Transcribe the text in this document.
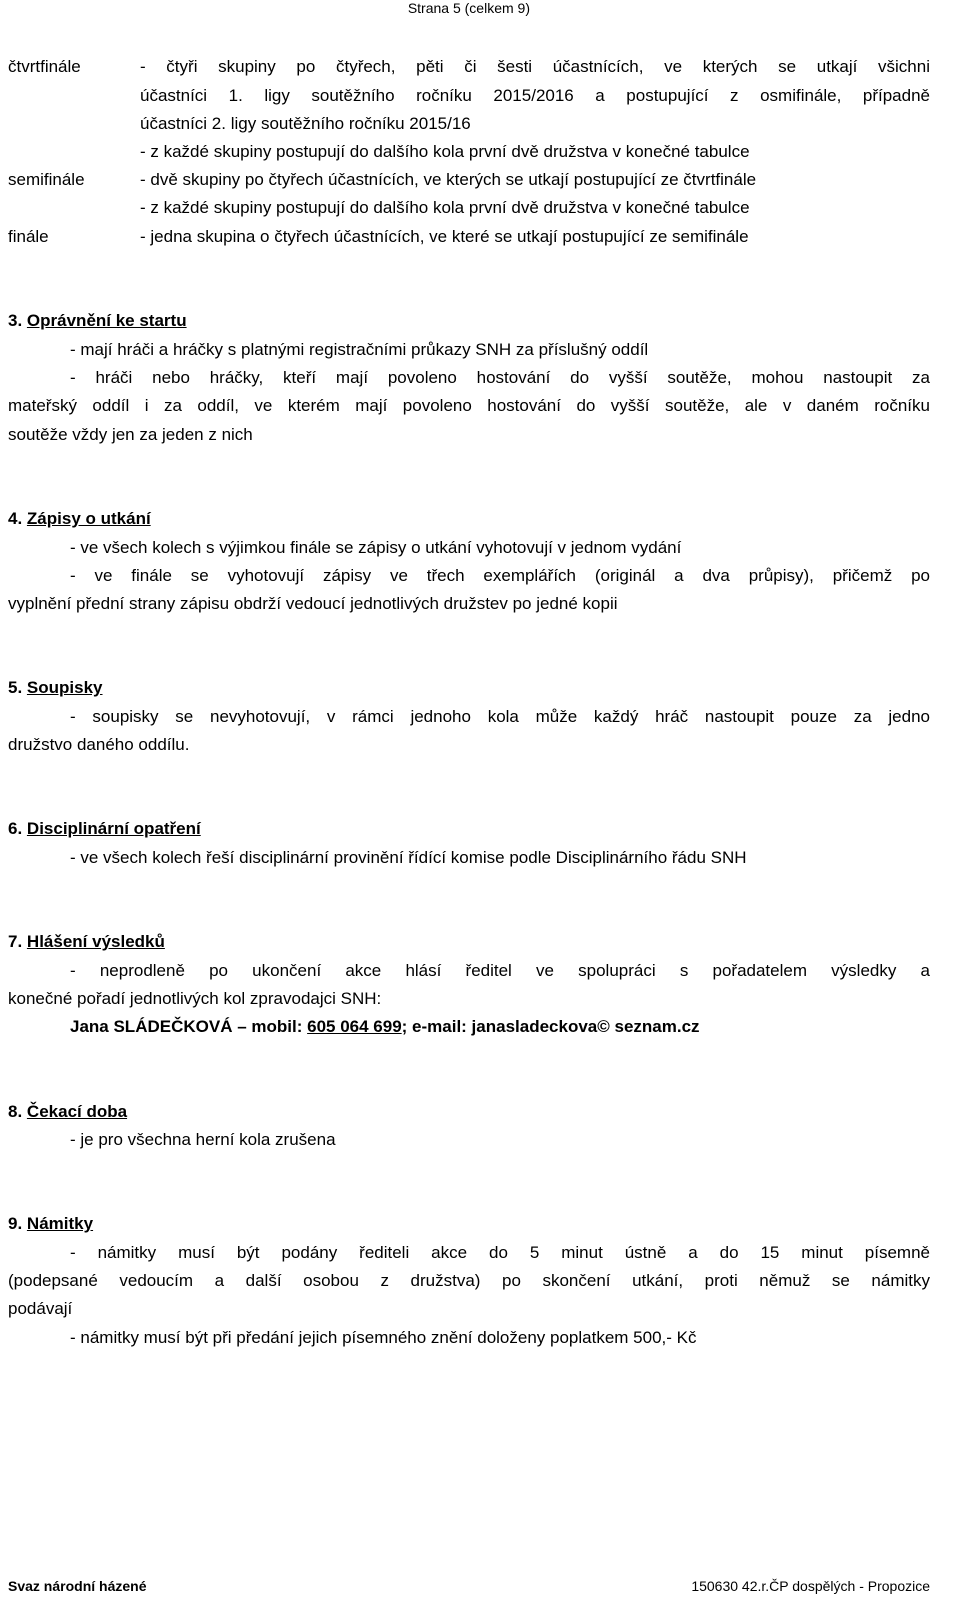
Strana 5 (celkem 9)
čtvrtfinále	- čtyři skupiny po čtyřech, pěti či šesti účastnících, ve kterých se utkají všichni
účastníci 1. ligy soutěžního ročníku 2015/2016 a postupující z osmifinále, případně
účastníci 2. ligy soutěžního ročníku 2015/16
- z každé skupiny postupují do dalšího kola první dvě družstva v konečné tabulce
semifinále	- dvě skupiny po čtyřech účastnících, ve kterých se utkají postupující ze čtvrtfinále
- z každé skupiny postupují do dalšího kola první dvě družstva v konečné tabulce
finále	- jedna skupina o čtyřech účastnících, ve které se utkají postupující ze semifinále
3. Oprávnění ke startu
- mají hráči a hráčky s platnými registračními průkazy SNH za příslušný oddíl
- hráči nebo hráčky, kteří mají povoleno hostování do vyšší soutěže, mohou nastoupit za
mateřský oddíl i za oddíl, ve kterém mají povoleno hostování do vyšší soutěže, ale v daném ročníku
soutěže vždy jen za jeden z nich
4. Zápisy o utkání
- ve všech kolech s výjimkou finále se zápisy o utkání vyhotovují v jednom vydání
- ve finále se vyhotovují zápisy ve třech exemplářích (originál a dva průpisy), přičemž po
vyplnění přední strany zápisu obdrží vedoucí jednotlivých družstev po jedné kopii
5. Soupisky
- soupisky se nevyhotovují, v rámci jednoho kola může každý hráč nastoupit pouze za jedno
družstvo daného oddílu.
6. Disciplinární opatření
- ve všech kolech řeší disciplinární provinění řídící komise podle Disciplinárního řádu SNH
7. Hlášení výsledků
- neprodleně po ukončení akce hlásí ředitel ve spolupráci s pořadatelem výsledky a
konečné pořadí jednotlivých kol zpravodajci SNH:
Jana SLÁDEČKOVÁ – mobil: 605 064 699; e-mail: janasladeckova© seznam.cz
8. Čekací doba
- je pro všechna herní kola zrušena
9. Námitky
- námitky musí být podány řediteli akce do 5 minut ústně a do 15 minut písemně
(podepsané vedoucím a další osobou z družstva) po skončení utkání, proti němuž se námitky
podávají
- námitky musí být při předání jejich písemného znění doloženy poplatkem 500,- Kč
Svaz národní házené	150630 42.r.ČP dospělých - Propozice
